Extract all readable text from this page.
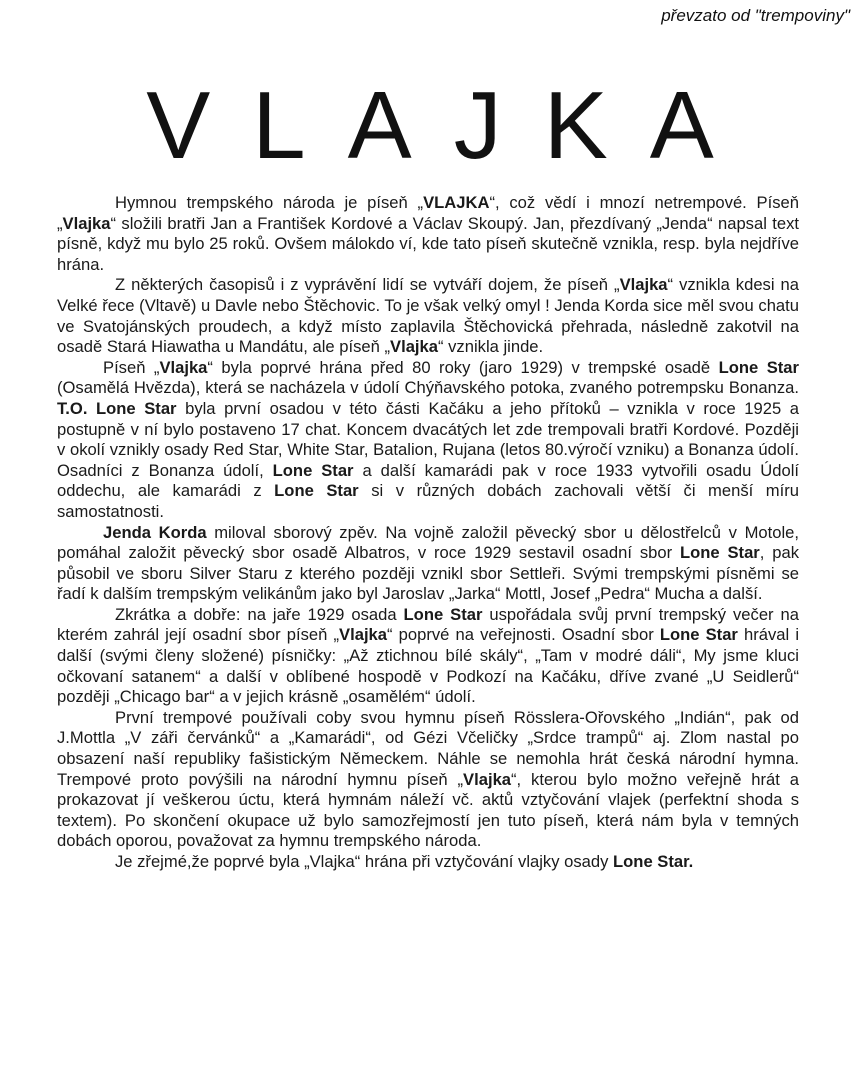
převzato od "trempoviny"
VLAJKA

Hymnou trempského národa je píseň „VLAJKA“, což vědí i mnozí netrempové. Píseň „Vlajka“ složili bratři Jan a František Kordové a Václav Skoupý. Jan, přezdívaný „Jenda“ napsal text písně, když mu bylo 25 roků. Ovšem málokdo ví, kde tato píseň skutečně vznikla, resp. byla nejdříve hrána.

Z některých časopisů i z vyprávění lidí se vytváří dojem, že píseň „Vlajka“ vznikla kdesi na Velké řece (Vltavě) u Davle nebo Štěchovic. To je však velký omyl ! Jenda Korda sice měl svou chatu ve Svatojánských proudech, a když místo zaplavila Štěchovická přehrada, následně zakotvil na osadě Stará Hiawatha u Mandátu, ale píseň „Vlajka“ vznikla jinde.

Píseň „Vlajka“ byla poprvé hrána před 80 roky (jaro 1929) v trempské osadě Lone Star (Osamělá Hvězda), která se nacházela v údolí Chýňavského potoka, zvaného potrempsku Bonanza. T.O. Lone Star byla první osadou v této části Kačáku a jeho přítoků – vznikla v roce 1925 a postupně v ní bylo postaveno 17 chat. Koncem dvacátých let zde trempovali bratři Kordové. Později v okolí vznikly osady Red Star, White Star, Batalion, Rujana (letos 80.výročí vzniku) a Bonanza údolí. Osadníci z Bonanza údolí, Lone Star a další kamarádi pak v roce 1933 vytvořili osadu Údolí oddechu, ale kamarádi z Lone Star si v různých dobách zachovali větší či menší míru samostatnosti.

Jenda Korda miloval sborový zpěv. Na vojně založil pěvecký sbor u dělostřelců v Motole, pomáhal založit pěvecký sbor osadě Albatros, v roce 1929 sestavil osadní sbor Lone Star, pak působil ve sboru Silver Staru z kterého později vznikl sbor Settleři. Svými trempskými písněmi se řadí k dalším trempským velikánům jako byl Jaroslav „Jarka“ Mottl, Josef „Pedra“ Mucha a další.

Zkrátka a dobře: na jaře 1929 osada Lone Star uspořádala svůj první trempský večer na kterém zahrál její osadní sbor píseň „Vlajka“ poprvé na veřejnosti. Osadní sbor Lone Star hrával i další (svými členy složené) písničky: „Až ztichnou bílé skály“, „Tam v modré dáli“, My jsme kluci očkovaní satanem“ a další v oblíbené hospodě v Podkozí na Kačáku, dříve zvané „U Seidlerů“ později „Chicago bar“ a v jejich krásně „osamělém“ údolí.

První trempové používali coby svou hymnu píseň Rösslera-Ořovského „Indián“, pak od J.Mottla „V záři červánků“ a „Kamarádi“, od Gézi Včeličky „Srdce trampů“ aj. Zlom nastal po obsazení naší republiky fašistickým Německem. Náhle se nemohla hrát česká národní hymna. Trempové proto povýšili na národní hymnu píseň „Vlajka“, kterou bylo možno veřejně hrát a prokazovat jí veškerou úctu, která hymnám náleží vč. aktů vztyčování vlajek (perfektní shoda s textem). Po skončení okupace už bylo samozřejmostí jen tuto píseň, která nám byla v temných dobách oporou, považovat za hymnu trempského národa.

Je zřejmé,že poprvé byla „Vlajka“ hrána při vztyčování vlajky osady Lone Star.
